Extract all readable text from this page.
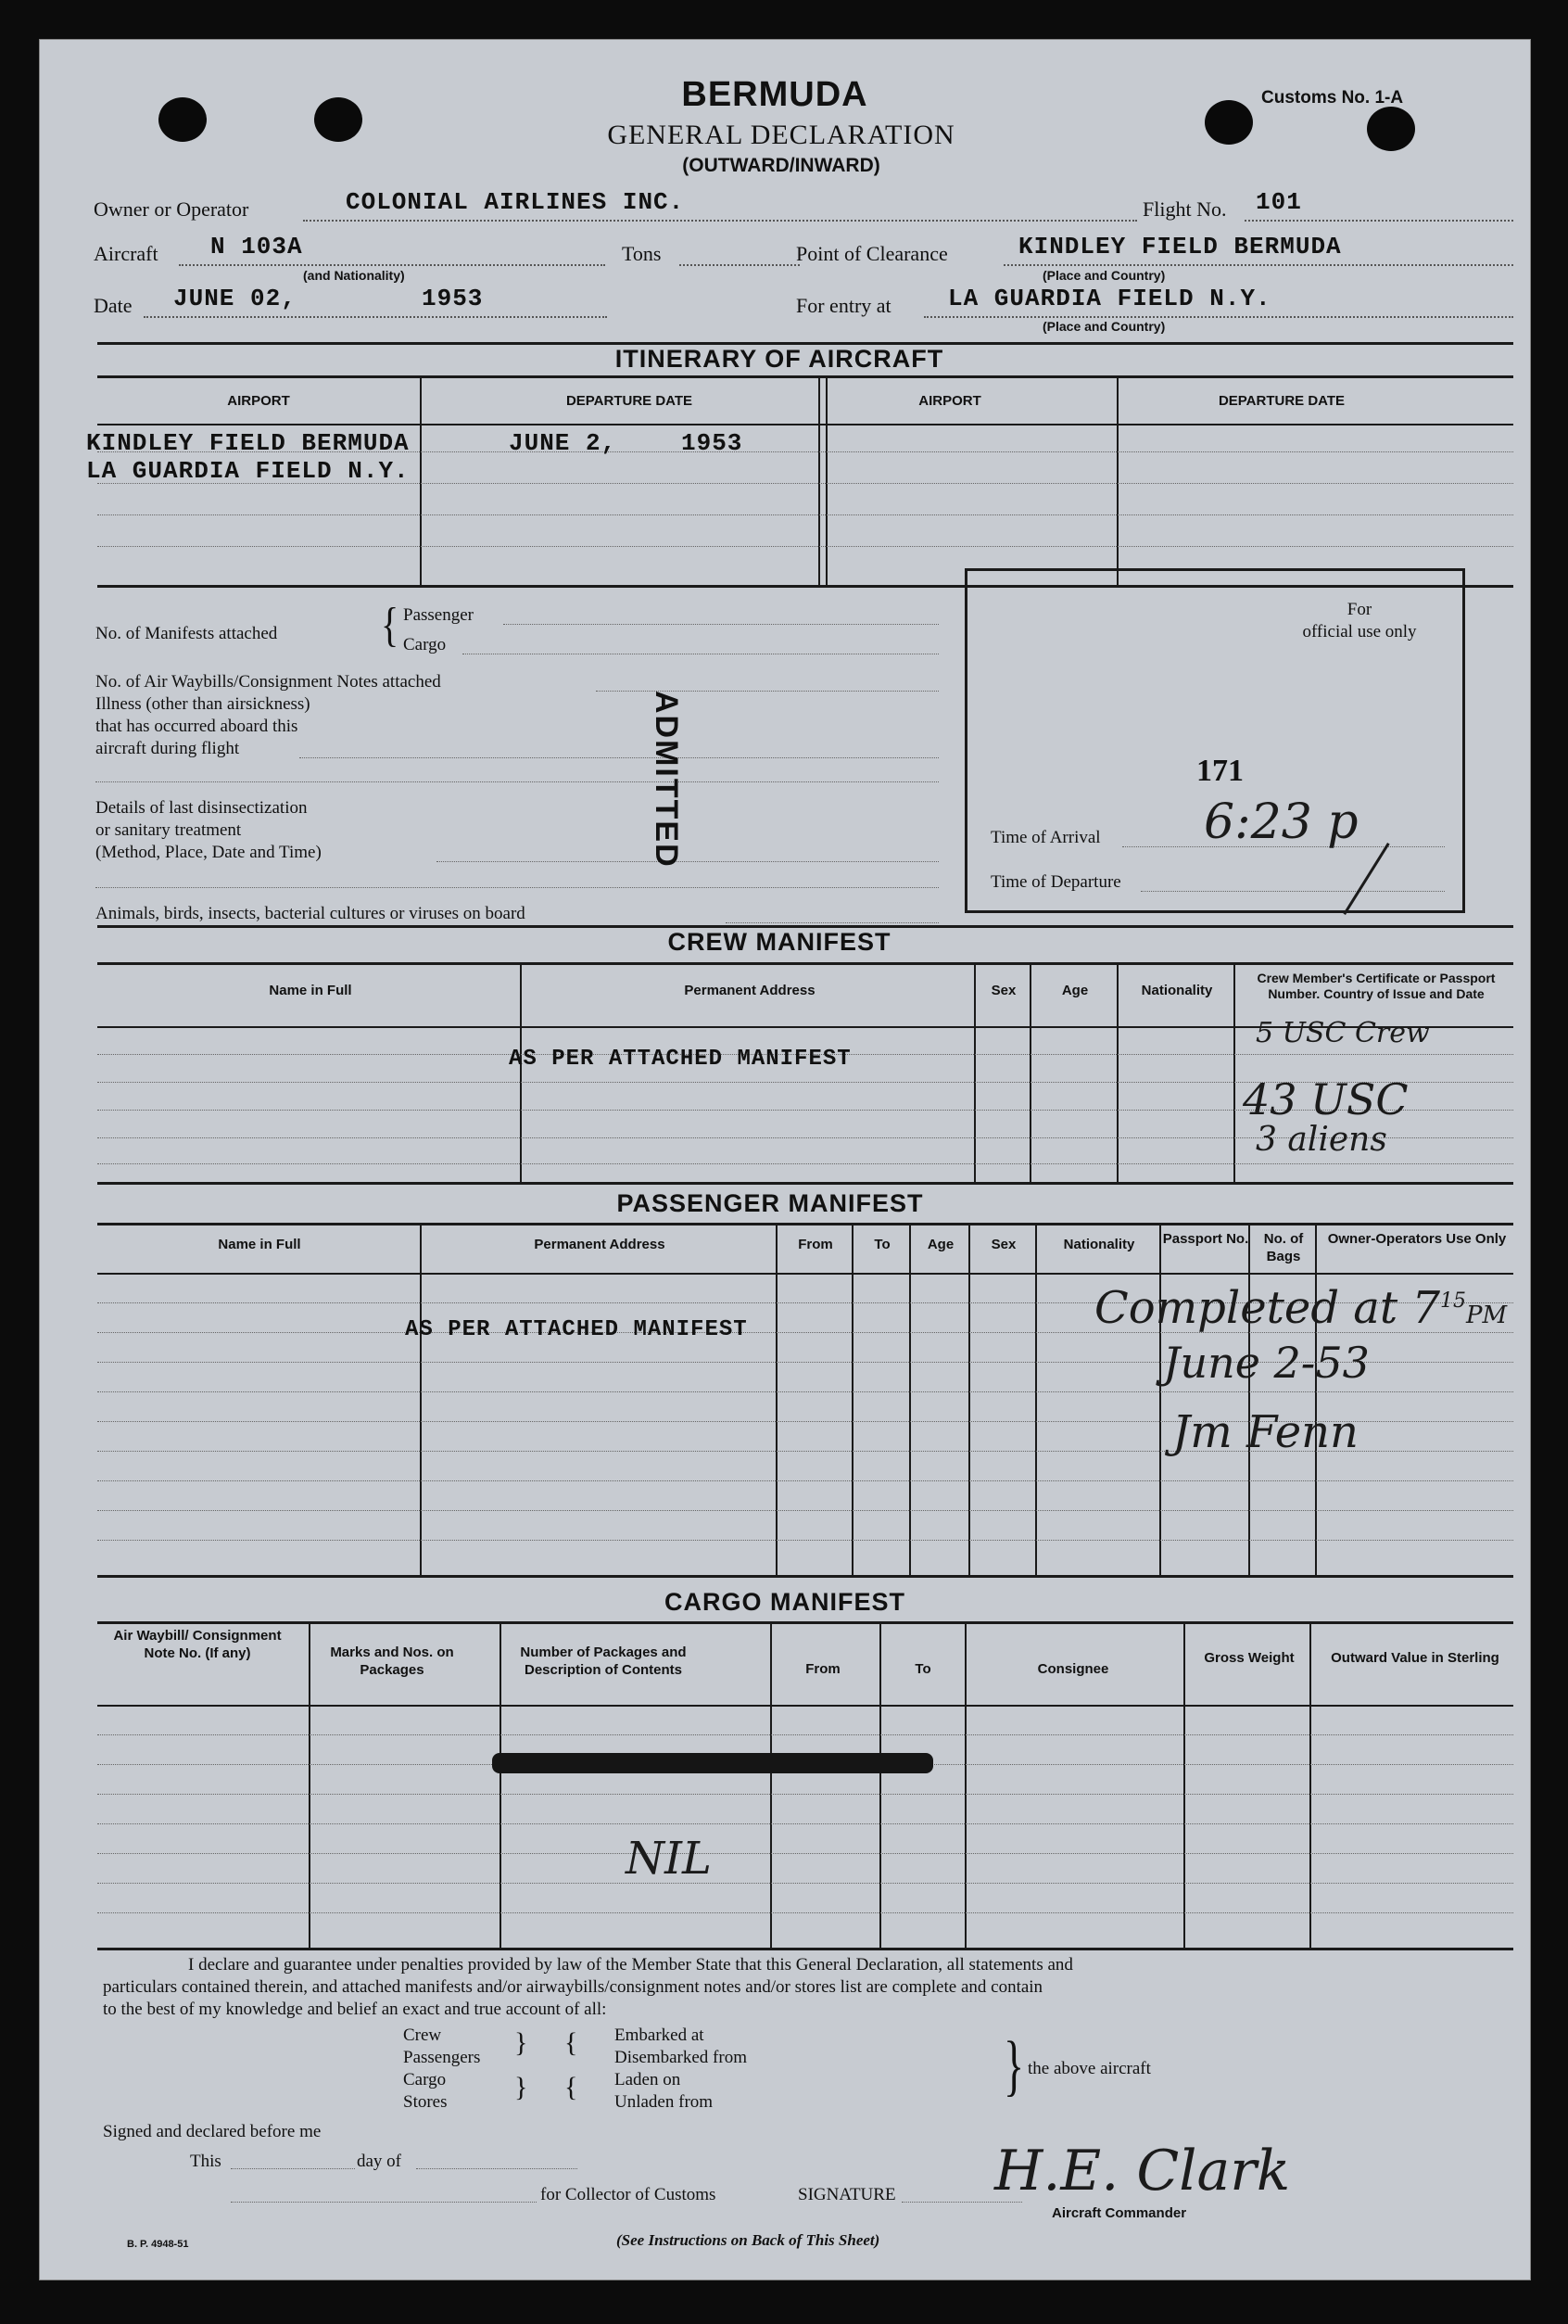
BERMUDA
GENERAL DECLARATION
(OUTWARD/INWARD)
Customs No. 1-A
Owner or Operator	COLONIAL AIRLINES INC.	Flight No. 101
Aircraft N 103A
(and Nationality)
Tons	Point of Clearance	KINDLEY FIELD BERMUDA
(Place and Country)
Date JUNE 02,	1953	For entry at LA GUARDIA FIELD N.Y.
(Place and Country)
ITINERARY OF AIRCRAFT
AIRPORT	DEPARTURE DATE	AIRPORT	DEPARTURE DATE
KINDLEY FIELD BERMUDA	JUNE 2,	1953
LA GUARDIA FIELD N.Y.
No. of Manifests attached	{ Passenger
Cargo
No. of Air Waybills/Consignment Notes attached
Illness (other than airsickness)
that has occurred aboard this
aircraft during flight
Details of last disinsectization
or sanitary treatment
(Method, Place, Date and Time)
Animals, birds, insects, bacterial cultures or viruses on board
ADMITTED
For
official use only
171
Time of Arrival 6:23 p
Time of Departure
CREW MANIFEST
Name in Full	Permanent Address	Sex	Age	Nationality
Crew Member's Certificate or Passport Number. Country of Issue and Date
AS PER ATTACHED MANIFEST
5 USC Crew
43 USC
3 aliens
PASSENGER MANIFEST
Name in Full	Permanent Address	From	To	Age	Sex	Nationality	Passport No.	No. of Bags
Owner-Operators Use Only
AS PER ATTACHED MANIFEST	Completed at $7^{15}PM$
June 2-53
Jm Fenn
CARGO MANIFEST
Air Waybill/ Consignment Note No. (If any)	Marks and Nos. on Packages
Number of Packages and Description of Contents	From	To	Consignee
Gross Weight	Outward Value in Sterling
NIL
I declare and guarantee under penalties provided by law of the Member State that this General Declaration, all statements and
particulars contained therein, and attached manifests and/or airwaybills/consignment notes and/or stores list are complete and contain
to the best of my knowledge and belief an exact and true account of all:
Crew
Passengers
Cargo
Stores
}
}
{
{
Embarked at
Disembarked from
Laden on
Unladen from	} the above aircraft
Signed and declared before me
This	day of
for Collector of Customs	SIGNATURE H.E. Clark
Aircraft Commander
(See Instructions on Back of This Sheet)
B. P. 4948-51
